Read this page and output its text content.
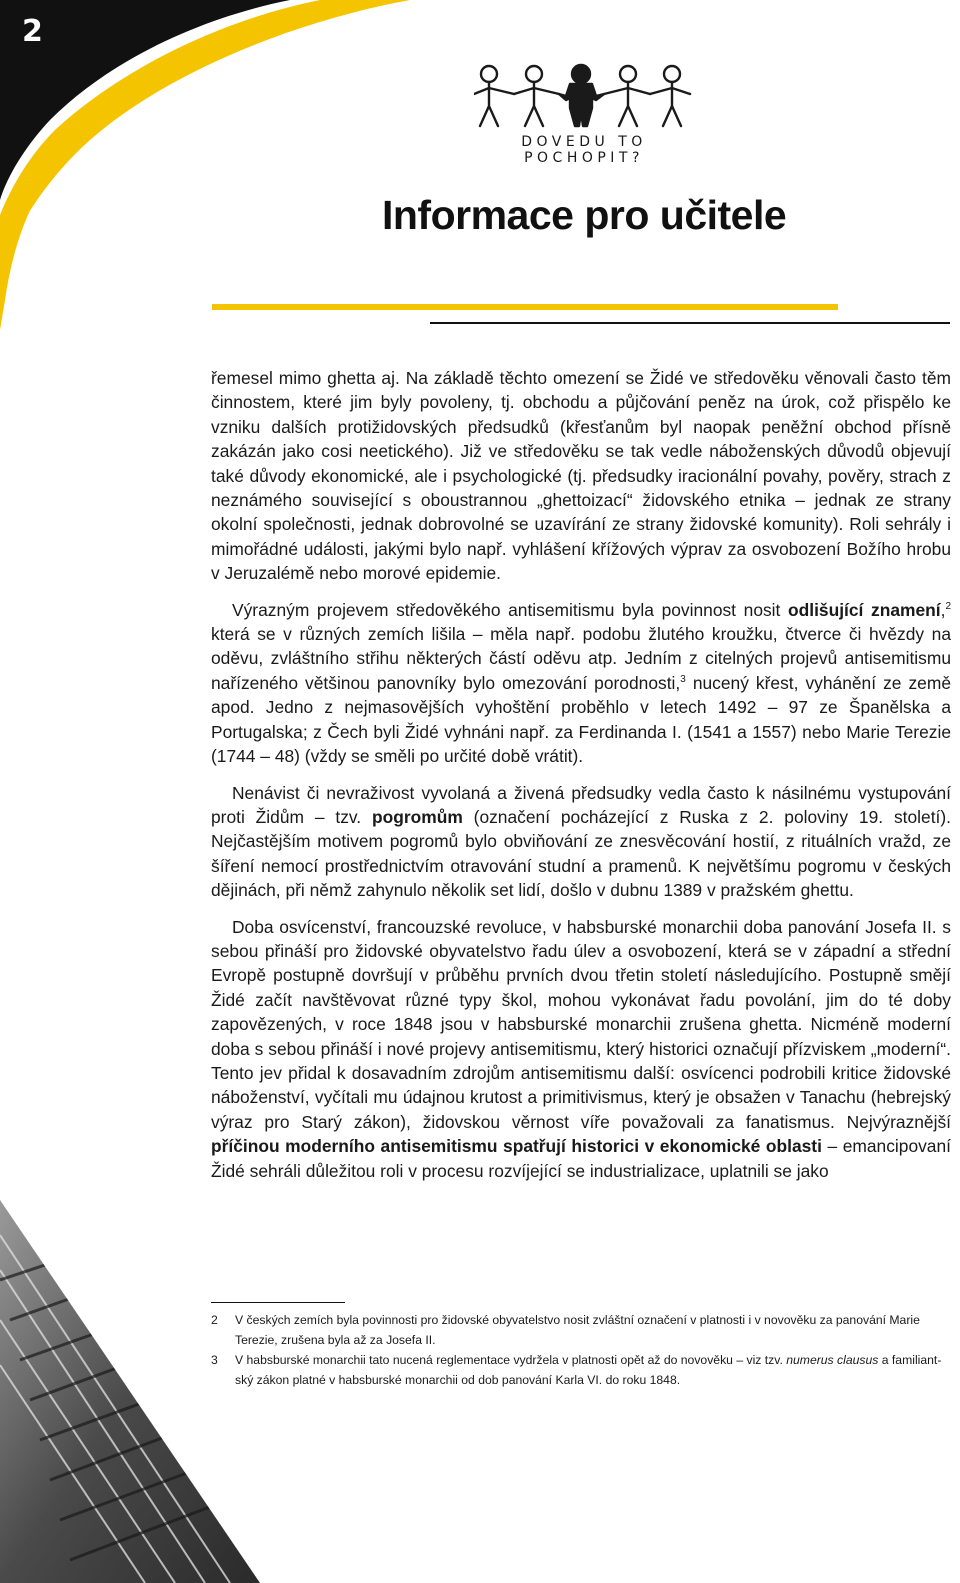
2
DOVEDU TO POCHOPIT?
Informace pro učitele

řemesel mimo ghetta aj. Na základě těchto omezení se Židé ve středověku věnovali často těm činnostem, které jim byly povoleny, tj. obchodu a půjčování peněz na úrok, což přispělo ke vzniku dalších protižidovských předsudků (křesťanům byl naopak peněžní obchod přísně zakázán jako cosi neetického). Již ve středověku se tak vedle náboženských důvodů objevují také důvody ekonomické, ale i psychologické (tj. předsudky iracionální povahy, pověry, strach z neznámého související s oboustrannou „ghettoizací“ židovského etnika – jednak ze strany okolní společnosti, jednak dobrovolné se uzavírání ze strany židovské komunity). Roli sehrály i mimořádné události, jakými bylo např. vyhlášení křížových výprav za osvobození Božího hrobu v Jeruzalémě nebo morové epidemie.

Výrazným projevem středověkého antisemitismu byla povinnost nosit odlišující znamení,$^2$ která se v různých zemích lišila – měla např. podobu žlutého kroužku, čtverce či hvězdy na oděvu, zvláštního střihu některých částí oděvu atp. Jedním z citelných projevů antisemitismu nařízeného většinou panovníky bylo omezování porodnosti,$^3$ nucený křest, vyhánění ze země apod. Jedno z nejmasovějších vyhoštění proběhlo v letech 1492 – 97 ze Španělska a Portugalska; z Čech byli Židé vyhnáni např. za Ferdinanda I. (1541 a 1557) nebo Marie Terezie (1744 – 48) (vždy se směli po určité době vrátit).

Nenávist či nevraživost vyvolaná a živená předsudky vedla často k násilnému vystupování proti Židům – tzv. pogromům (označení pocházející z Ruska z 2. poloviny 19. století). Nejčastějším motivem pogromů bylo obviňování ze znesvěcování hostií, z rituálních vražd, ze šíření nemocí prostřednictvím otravování studní a pramenů. K největšímu pogromu v českých dějinách, při němž zahynulo několik set lidí, došlo v dubnu 1389 v pražském ghettu.

Doba osvícenství, francouzské revoluce, v habsburské monarchii doba panování Josefa II. s sebou přináší pro židovské obyvatelstvo řadu úlev a osvobození, která se v západní a střední Evropě postupně dovršují v průběhu prvních dvou třetin století následujícího. Postupně smějí Židé začít navštěvovat různé typy škol, mohou vykonávat řadu povolání, jim do té doby zapovězených, v roce 1848 jsou v habsburské monarchii zrušena ghetta. Nicméně moderní doba s sebou přináší i nové projevy antisemitismu, který historici označují přízviskem „moderní“. Tento jev přidal k dosavadním zdrojům antisemitismu další: osvícenci podrobili kritice židovské náboženství, vyčítali mu údajnou krutost a primitivismus, který je obsažen v Tanachu (hebrejský výraz pro Starý zákon), židovskou věrnost víře považovali za fanatismus. Nejvýraznější příčinou moderního antisemitismu spatřují historici v ekonomické oblasti – emancipovaní Židé sehráli důležitou roli v procesu rozvíjející se industrializace, uplatnili se jako

2 V českých zemích byla povinnosti pro židovské obyvatelstvo nosit zvláštní označení v platnosti i v novověku za panování Marie Terezie, zrušena byla až za Josefa II.
3 V habsburské monarchii tato nucená reglementace vydržela v platnosti opět až do novověku – viz tzv. numerus clausus a familiantský zákon platné v habsburské monarchii od dob panování Karla VI. do roku 1848.
